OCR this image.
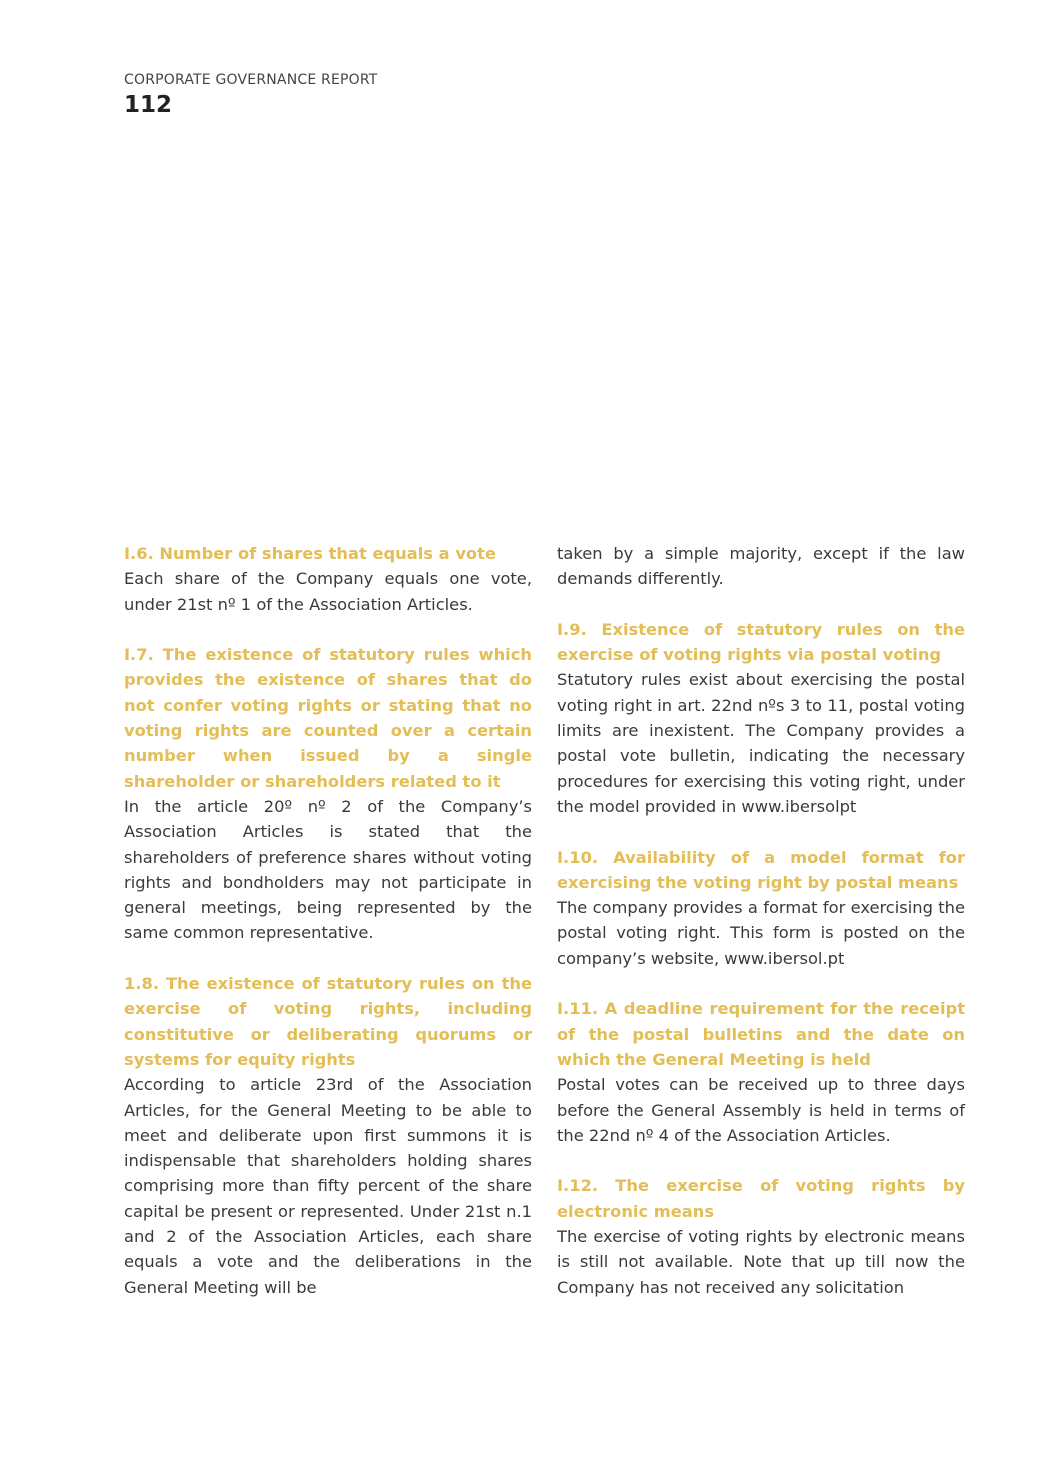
CORPORATE GOVERNANCE REPORT
112

I.6. Number of shares that equals a vote

Each share of the Company equals one vote, under 21st nº 1 of the Association Articles.

I.7. The existence of statutory rules which provides the existence of shares that do not confer voting rights or stating that no voting rights are counted over a certain number when issued by a single shareholder or shareholders related to it

In the article 20º nº 2 of the Company’s Association Articles is stated that the shareholders of preference shares without voting rights and bondholders may not participate in general meetings, being represented by the same common representative.

1.8. The existence of statutory rules on the exercise of voting rights, including constitutive or deliberating quorums or systems for equity rights

According to article 23rd of the Association Articles, for the General Meeting to be able to meet and deliberate upon first summons it is indispensable that shareholders holding shares comprising more than fifty percent of the share capital be present or represented. Under 21st n.1 and 2 of the Association Articles, each share equals a vote and the deliberations in the General Meeting will be

taken by a simple majority, except if the law demands differently.

I.9. Existence of statutory rules on the exercise of voting rights via postal voting

Statutory rules exist about exercising the postal voting right in art. 22nd nºs 3 to 11, postal voting limits are inexistent. The Company provides a postal vote bulletin, indicating the necessary procedures for exercising this voting right, under the model provided in www.ibersolpt

I.10. Availability of a model format for exercising the voting right by postal means

The company provides a format for exercising the postal voting right. This form is posted on the company’s website, www.ibersol.pt

I.11. A deadline requirement for the receipt of the postal bulletins and the date on which the General Meeting is held

Postal votes can be received up to three days before the General Assembly is held in terms of the 22nd nº 4 of the Association Articles.

I.12. The exercise of voting rights by electronic means

The exercise of voting rights by electronic means is still not available. Note that up till now the Company has not received any solicitation
